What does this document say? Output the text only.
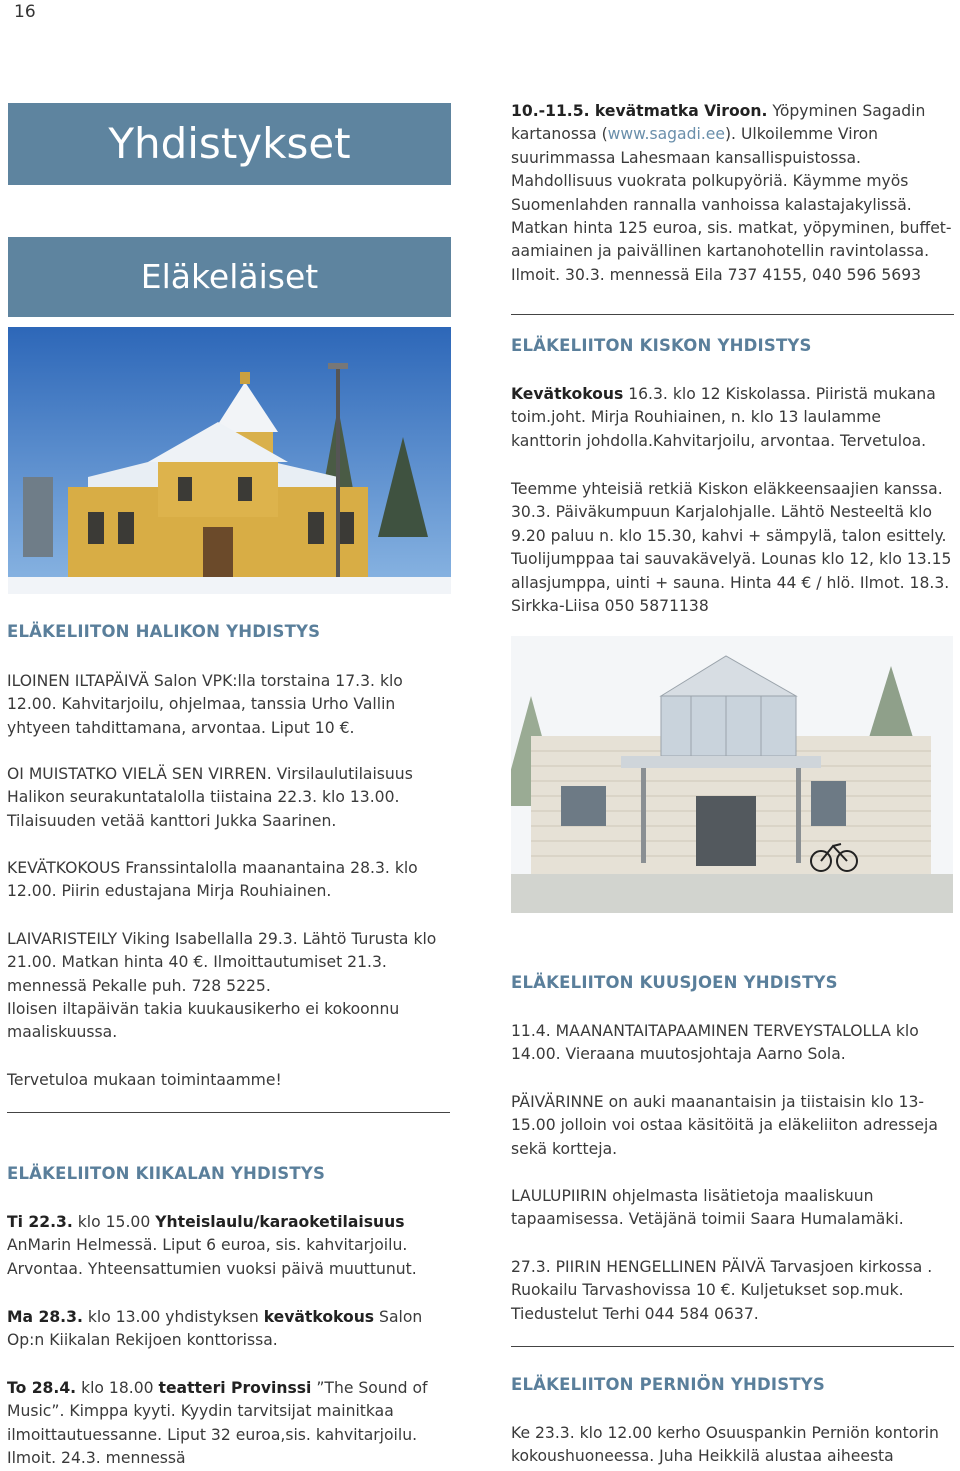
16
Yhdistykset
Eläkeläiset

10.-11.5. kevätmatka Viroon. Yöpyminen Sagadin kartanossa (www.sagadi.ee). Ulkoilemme Viron suurimmassa Lahesmaan kansallispuistossa. Mahdollisuus vuokrata polkupyöriä. Käymme myös Suomenlahden rannalla vanhoissa kalastajakylissä. Matkan hinta 125 euroa, sis. matkat, yöpyminen, buffet-aamiainen ja paivällinen kartanohotellin ravintolassa. Ilmoit. 30.3. mennessä Eila 737 4155, 040 596 5693

ELÄKELIITON KISKON YHDISTYS

Kevätkokous 16.3. klo 12 Kiskolassa. Piiristä mukana toim.joht. Mirja Rouhiainen, n. klo 13 laulamme kanttorin johdolla.Kahvitarjoilu, arvontaa. Tervetuloa.

Teemme yhteisiä retkiä Kiskon eläkkeensaajien kanssa. 30.3. Päiväkumpuun Karjalohjalle. Lähtö Nesteeltä klo 9.20 paluu n. klo 15.30, kahvi + sämpylä, talon esittely. Tuolijumppaa tai sauvakävelyä. Lounas klo 12, klo 13.15 allasjumppa, uinti + sauna. Hinta 44 € / hlö. Ilmot. 18.3. Sirkka-Liisa 050 5871138

ELÄKELIITON KUUSJOEN YHDISTYS

11.4. MAANANTAITAPAAMINEN TERVEYSTALOLLA klo 14.00. Vieraana muutosjohtaja Aarno Sola.

PÄIVÄRINNE on auki maanantaisin ja tiistaisin klo 13-15.00 jolloin voi ostaa käsitöitä ja eläkeliiton adresseja sekä kortteja.

LAULUPIIRIN ohjelmasta lisätietoja maaliskuun tapaamisessa. Vetäjänä toimii Saara Humalamäki.

27.3. PIIRIN HENGELLINEN PÄIVÄ Tarvasjoen kirkossa . Ruokailu Tarvashovissa 10 €. Kuljetukset sop.muk. Tiedustelut Terhi 044 584 0637.

ELÄKELIITON PERNIÖN YHDISTYS

Ke 23.3. klo 12.00 kerho Osuuspankin Perniön kontorin kokoushuoneessa. Juha Heikkilä alustaa aiheesta

ELÄKELIITON HALIKON YHDISTYS

ILOINEN ILTAPÄIVÄ Salon VPK:lla torstaina 17.3. klo 12.00. Kahvitarjoilu, ohjelmaa, tanssia Urho Vallin yhtyeen tahdittamana, arvontaa. Liput 10 €.

OI MUISTATKO VIELÄ SEN VIRREN. Virsilaulutilaisuus Halikon seurakuntatalolla tiistaina 22.3. klo 13.00. Tilaisuuden vetää kanttori Jukka Saarinen.

KEVÄTKOKOUS Franssintalolla maanantaina 28.3. klo 12.00. Piirin edustajana Mirja Rouhiainen.

LAIVARISTEILY Viking Isabellalla 29.3. Lähtö Turusta klo 21.00. Matkan hinta 40 €. Ilmoittautumiset 21.3. mennessä Pekalle puh. 728 5225.

Iloisen iltapäivän takia kuukausikerho ei kokoonnu maaliskuussa.

Tervetuloa mukaan toimintaamme!

ELÄKELIITON KIIKALAN YHDISTYS

Ti 22.3. klo 15.00 Yhteislaulu/karaoketilaisuus AnMarin Helmessä. Liput 6 euroa, sis. kahvitarjoilu. Arvontaa. Yhteensattumien vuoksi päivä muuttunut.

Ma 28.3. klo 13.00 yhdistyksen kevätkokous Salon Op:n Kiikalan Rekijoen konttorissa.

To 28.4. klo 18.00 teatteri Provinssi ”The Sound of Music”. Kimppa kyyti. Kyydin tarvitsijat mainitkaa ilmoittautuessanne. Liput 32 euroa,sis. kahvitarjoilu. Ilmoit. 24.3. mennessä
